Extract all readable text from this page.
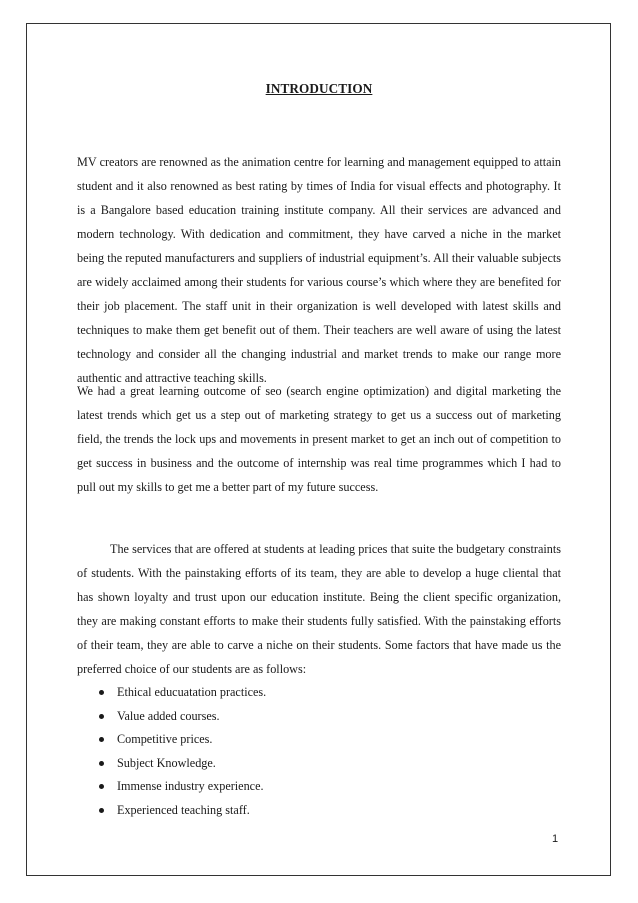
INTRODUCTION

MV creators are renowned as the animation centre for learning and management equipped to attain student and it also renowned as best rating by times of India for visual effects and photography. It is a Bangalore based education training institute company. All their services are advanced and modern technology. With dedication and commitment, they have carved a niche in the market being the reputed manufacturers and suppliers of industrial equipment’s. All their valuable subjects are widely acclaimed among their students for various course’s which where they are benefited for their job placement. The staff unit in their organization is well developed with latest skills and techniques to make them get benefit out of them. Their teachers are well aware of using the latest technology and consider all the changing industrial and market trends to make our range more authentic and attractive teaching skills.

We had a great learning outcome of seo (search engine optimization) and digital marketing the latest trends which get us a step out of marketing strategy to get us a success out of marketing field, the trends the lock ups and movements in present market to get an inch out of competition to get success in business and the outcome of internship was real time programmes which I had to pull out my skills to get me a better part of my future success.

The services that are offered at students at leading prices that suite the budgetary constraints of students. With the painstaking efforts of its team, they are able to develop a huge cliental that has shown loyalty and trust upon our education institute. Being the client specific organization, they are making constant efforts to make their students fully satisfied. With the painstaking efforts of their team, they are able to carve a niche on their students. Some factors that have made us the preferred choice of our students are as follows:

Ethical educuatation practices.
Value added courses.
Competitive prices.
Subject Knowledge.
Immense industry experience.
Experienced teaching staff.
1
